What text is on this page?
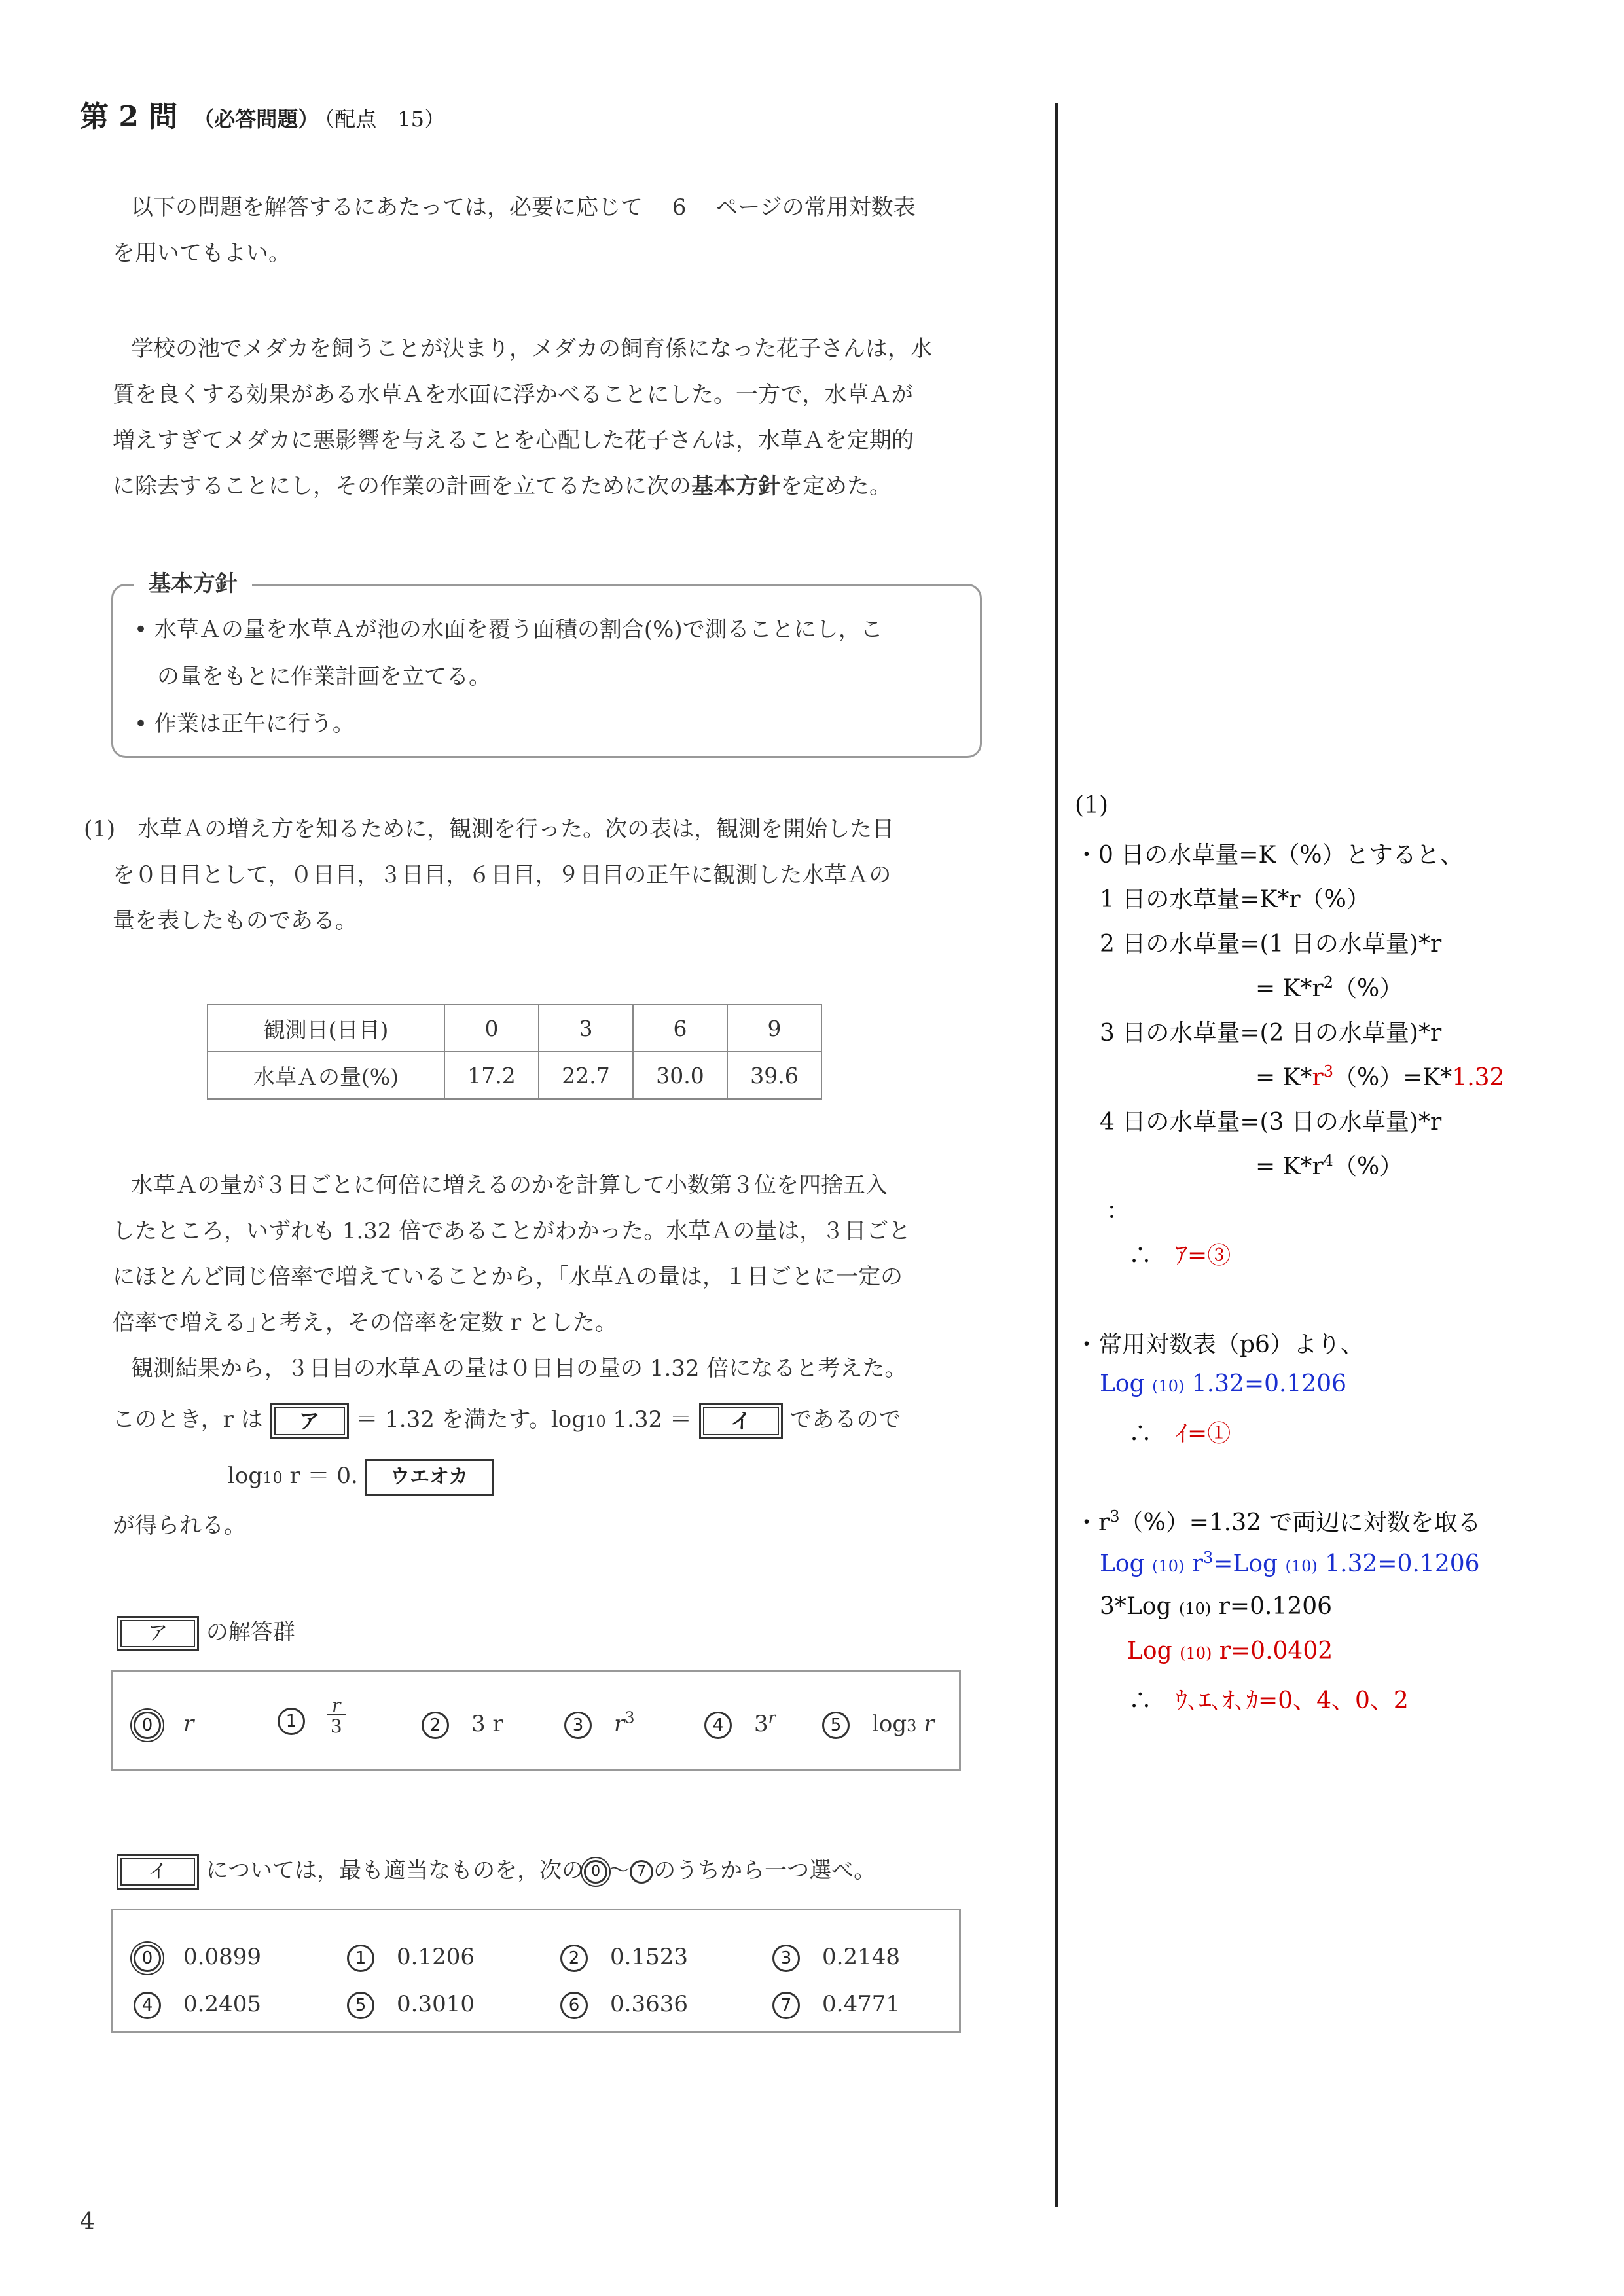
第 2 問 （必答問題） （配点　15）
以下の問題を解答するにあたっては，必要に応じて　 6 　ページの常用対数表
を用いてもよい。
学校の池でメダカを飼うことが決まり，メダカの飼育係になった花子さんは，水
質を良くする効果がある水草Ａを水面に浮かべることにした。一方で，水草Ａが
増えすぎてメダカに悪影響を与えることを心配した花子さんは，水草Ａを定期的
に除去することにし，その作業の計画を立てるために次の基本方針を定めた。
基本方針
• 水草Ａの量を水草Ａが池の水面を覆う面積の割合(%)で測ることにし，こ
の量をもとに作業計画を立てる。
• 作業は正午に行う。
(1)　 水草Ａの増え方を知るために，観測を行った。次の表は，観測を開始した日
を０日目として，０日目，３日目，６日目，９日目の正午に観測した水草Ａの
量を表したものである。
観測日(日目)	0	3	6	9
水草Ａの量(%)	17.2	22.7	30.0	39.6
水草Ａの量が３日ごとに何倍に増えるのかを計算して小数第３位を四捨五入
したところ，いずれも 1.32 倍であることがわかった。水草Ａの量は，３日ごと
にほとんど同じ倍率で増えていることから，｢水草Ａの量は，１日ごとに一定の
倍率で増える｣と考え，その倍率を定数 r とした。
観測結果から，３日目の水草Ａの量は０日目の量の 1.32 倍になると考えた。
このとき，r は ア ＝ 1.32 を満たす。log10 1.32 ＝ イ であるので
log10 r ＝ 0. ウエオカ
が得られる。
ア の解答群
0　 r	$1 \frac{r}{3}$	2　 3 r	3　 $r^3$	4　 3$^r$	5　 log3 r
イ については，最も適当なものを，次の 0 ～ 7 のうちから一つ選べ。
0　 0.0899	1　 0.1206	2　 0.1523	3　 0.2148
4　 0.2405	5　 0.3010	6　 0.3636	7　 0.4771
4
(1)
・0 日の水草量=K（%）とすると、
1 日の水草量=K*r（%）
2 日の水草量=(1 日の水草量)*r
= $K*r^2(\%)$
3 日の水草量=(2 日の水草量)*r
= $K*r^3(\%)=K*1.32$
4 日の水草量=(3 日の水草量)*r
= $K*r^4(\%)$
：
∴　 ｱ=③
・常用対数表（p6）より、
Log (10) 1.32=0.1206
∴　 ｲ=①
・$r^3(\%)=1.32$ で両辺に対数を取る
Log (10) $r^3=Log$ (10) 1.32=0.1206
3*Log (10) r=0.1206
Log (10) r=0.0402
∴　 ｳ､ｴ､ｵ､ｶ=0、4、0、2
